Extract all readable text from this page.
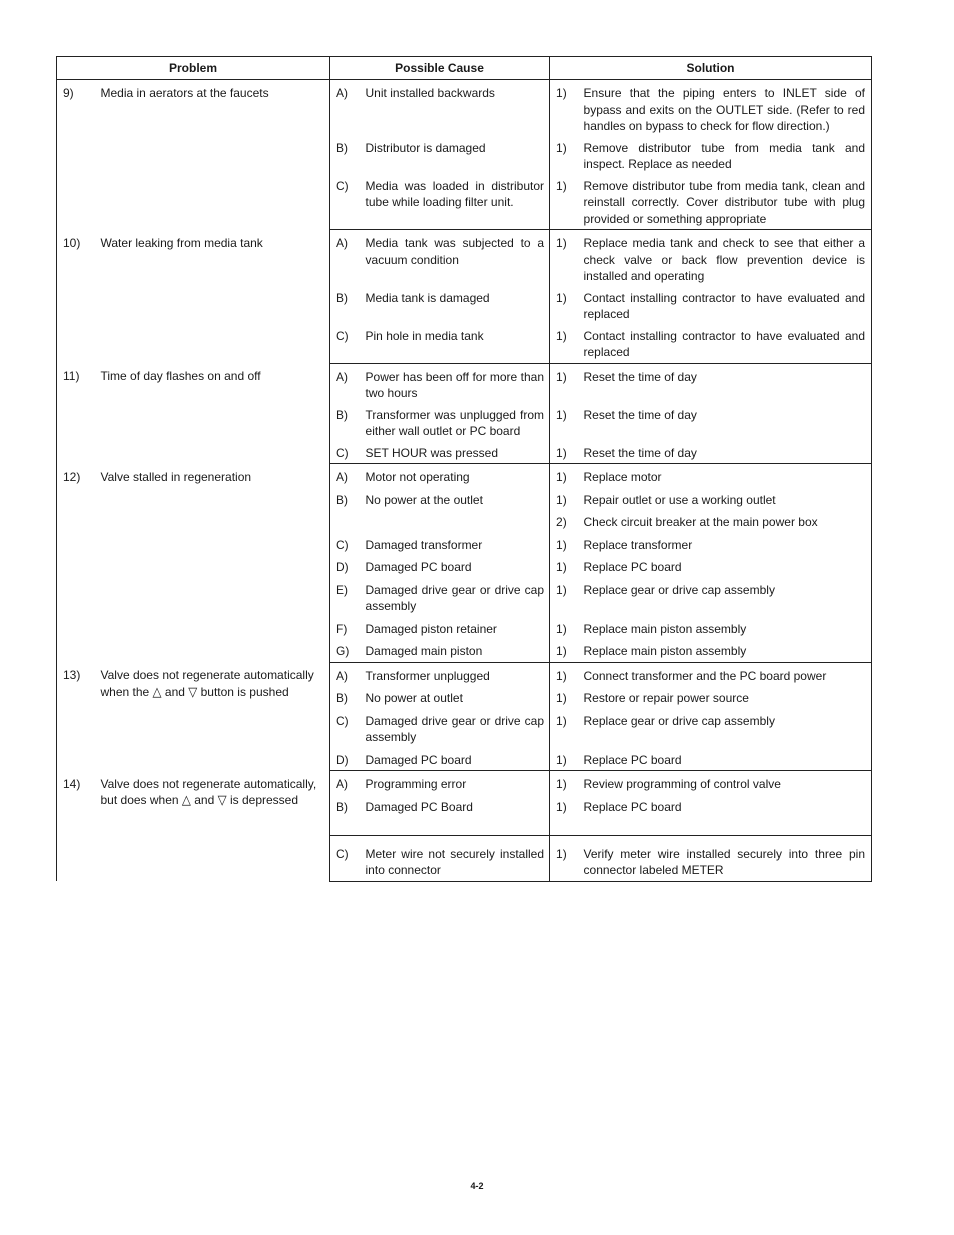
Problem		Possible Cause		Solution	
9)	Media in aerators at the faucets	A)	Unit installed backwards	1)	Ensure that the piping enters to INLET side of bypass and exits on the OUTLET side. (Refer to red handles on bypass to check for flow direction.)
		B)	Distributor is damaged	1)	Remove distributor tube from media tank and inspect. Replace as needed
		C)	Media was loaded in distributor tube while loading filter unit.	1)	Remove distributor tube from media tank, clean and reinstall correctly. Cover distributor tube with plug provided or something appropriate
10)	Water leaking from media tank	A)	Media tank was subjected to a vacuum condition	1)	Replace media tank and check to see that either a check valve or back flow prevention device is installed and operating
		B)	Media tank is damaged	1)	Contact installing contractor to have evaluated and replaced
		C)	Pin hole in media tank	1)	Contact installing contractor to have evaluated and replaced
11)	Time of day flashes on and off	A)	Power has been off for more than two hours	1)	Reset the time of day
		B)	Transformer was unplugged from either wall outlet or PC board	1)	Reset the time of day
		C)	SET HOUR was pressed	1)	Reset the time of day
12)	Valve stalled in regeneration	A)	Motor not operating	1)	Replace motor
		B)	No power at the outlet	1)	Repair outlet or use a working outlet
				2)	Check circuit breaker at the main power box
		C)	Damaged transformer	1)	Replace transformer
		D)	Damaged PC board	1)	Replace PC board
		E)	Damaged drive gear or drive cap assembly	1)	Replace gear or drive cap assembly
		F)	Damaged piston retainer	1)	Replace main piston assembly
		G)	Damaged main piston	1)	Replace main piston assembly
13)	Valve does not regenerate automatically when the △ and ▽ button is pushed	A)	Transformer unplugged	1)	Connect transformer and the PC board power
		B)	No power at outlet	1)	Restore or repair power source
		C)	Damaged drive gear or drive cap assembly	1)	Replace gear or drive cap assembly
		D)	Damaged PC board	1)	Replace PC board
14)	Valve does not regenerate automatically, but does when △ and ▽ is depressed	A)	Programming error	1)	Review programming of control valve
		B)	Damaged PC Board	1)	Replace PC board
		C)	Meter wire not securely installed into connector	1)	Verify meter wire installed securely into three pin connector labeled METER
4-2
